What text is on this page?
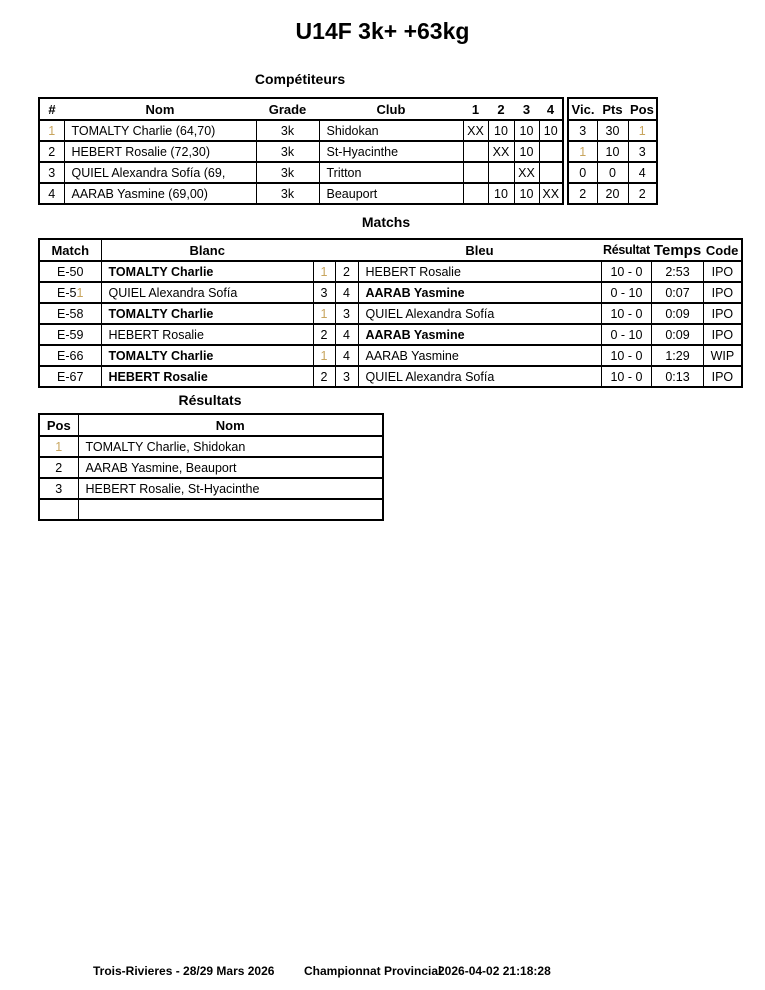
U14F 3k+ +63kg
Compétiteurs
#	Nom	Grade	Club	1	2	3	4
1	TOMALTY Charlie (64,70)	3k	Shidokan	XX	10	10	10
2	HEBERT Rosalie (72,30)	3k	St-Hyacinthe		XX	10	
3	QUIEL Alexandra Sofía (69,	3k	Tritton			XX	
4	AARAB Yasmine (69,00)	3k	Beauport		10	10	XX
Vic.	Pts	Pos
3	30	1
1	10	3
0	0	4
2	20	2
Matchs
Match	Blanc			Bleu	Résultat	Temps	Code
E-50	TOMALTY Charlie	1	2	HEBERT Rosalie	10 - 0	2:53	IPO
E-51	QUIEL Alexandra Sofía	3	4	AARAB Yasmine	0 - 10	0:07	IPO
E-58	TOMALTY Charlie	1	3	QUIEL Alexandra Sofía	10 - 0	0:09	IPO
E-59	HEBERT Rosalie	2	4	AARAB Yasmine	0 - 10	0:09	IPO
E-66	TOMALTY Charlie	1	4	AARAB Yasmine	10 - 0	1:29	WIP
E-67	HEBERT Rosalie	2	3	QUIEL Alexandra Sofía	10 - 0	0:13	IPO
Résultats
Pos	Nom
1	TOMALTY Charlie, Shidokan
2	AARAB Yasmine, Beauport
3	HEBERT Rosalie, St-Hyacinthe

Trois-Rivieres - 28/29 Mars 2026 Championnat Provincial
2026-04-02 21:18:28
